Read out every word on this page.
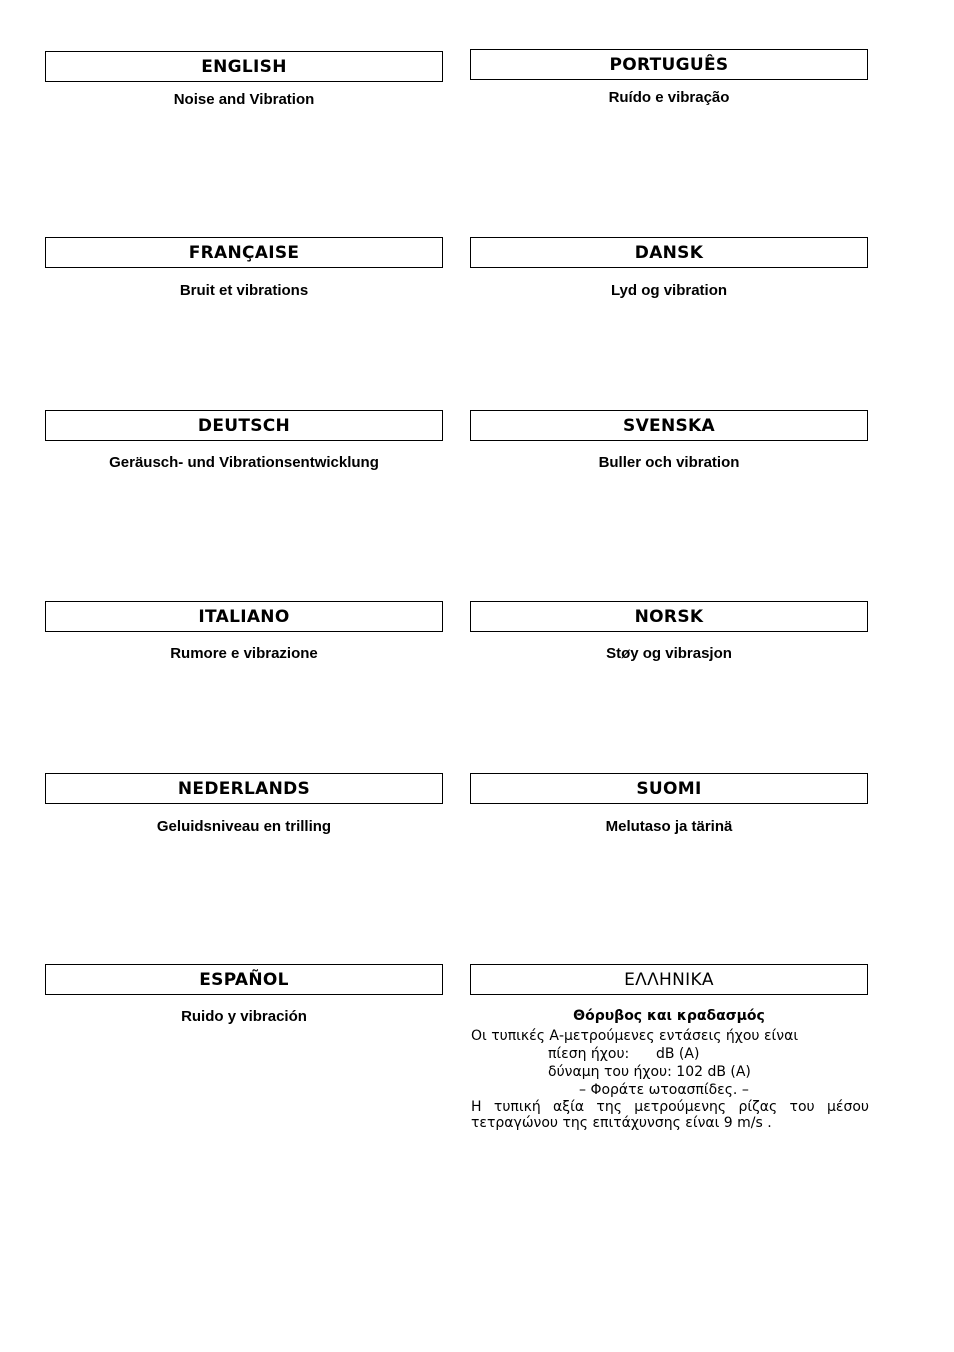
ENGLISH
Noise and Vibration
PORTUGUÊS
Ruído e vibração
FRANÇAISE
Bruit et vibrations
DANSK
Lyd og vibration
DEUTSCH
Geräusch- und Vibrationsentwicklung
SVENSKA
Buller och vibration
ITALIANO
Rumore e vibrazione
NORSK
Støy og vibrasjon
NEDERLANDS
Geluidsniveau en trilling
SUOMI
Melutaso ja tärinä
ESPAÑOL
Ruido y vibración
ΕΛΛΗΝΙΚΑ
Θόρυβος και κραδασμός
Οι τυπικές Α-μετρούμενες εντάσεις ήχου είναι
πίεση ήχου:      dB (A)
δύναμη του ήχου: 102 dB (A)
– Φοράτε ωτοασπίδες. –
Η τυπική αξία της μετρούμενης ρίζας του μέσου τετραγώνου της επιτάχυνσης είναι 9 m/s .
